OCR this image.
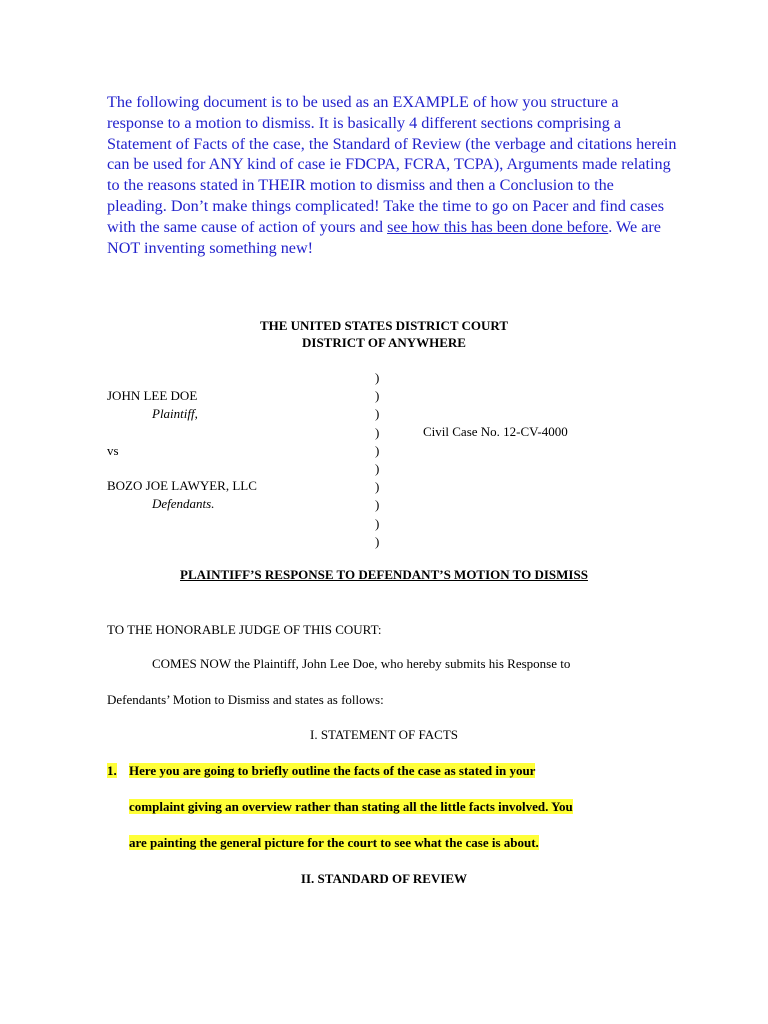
The following document is to be used as an EXAMPLE of how you structure a response to a motion to dismiss. It is basically 4 different sections comprising a Statement of Facts of the case, the Standard of Review (the verbage and citations herein can be used for ANY kind of case ie FDCPA, FCRA, TCPA), Arguments made relating to the reasons stated in THEIR motion to dismiss and then a Conclusion to the pleading. Don’t make things complicated! Take the time to go on Pacer and find cases with the same cause of action of yours and see how this has been done before. We are NOT inventing something new!

THE UNITED STATES DISTRICT COURT

DISTRICT OF ANYWHERE

JOHN LEE DOE

Plaintiff,

vs

BOZO JOE LAWYER, LLC

Defendants.

)
)
)
)
)
)
)
)
)
)

Civil Case No. 12-CV-4000

PLAINTIFF’S RESPONSE TO DEFENDANT’S MOTION TO DISMISS

TO THE HONORABLE JUDGE OF THIS COURT:

COMES NOW the Plaintiff, John Lee Doe, who hereby submits his Response to

Defendants’ Motion to Dismiss and states as follows:

I. STATEMENT OF FACTS

1. Here you are going to briefly outline the facts of the case as stated in your

complaint giving an overview rather than stating all the little facts involved. You

are painting the general picture for the court to see what the case is about.

II. STANDARD OF REVIEW
